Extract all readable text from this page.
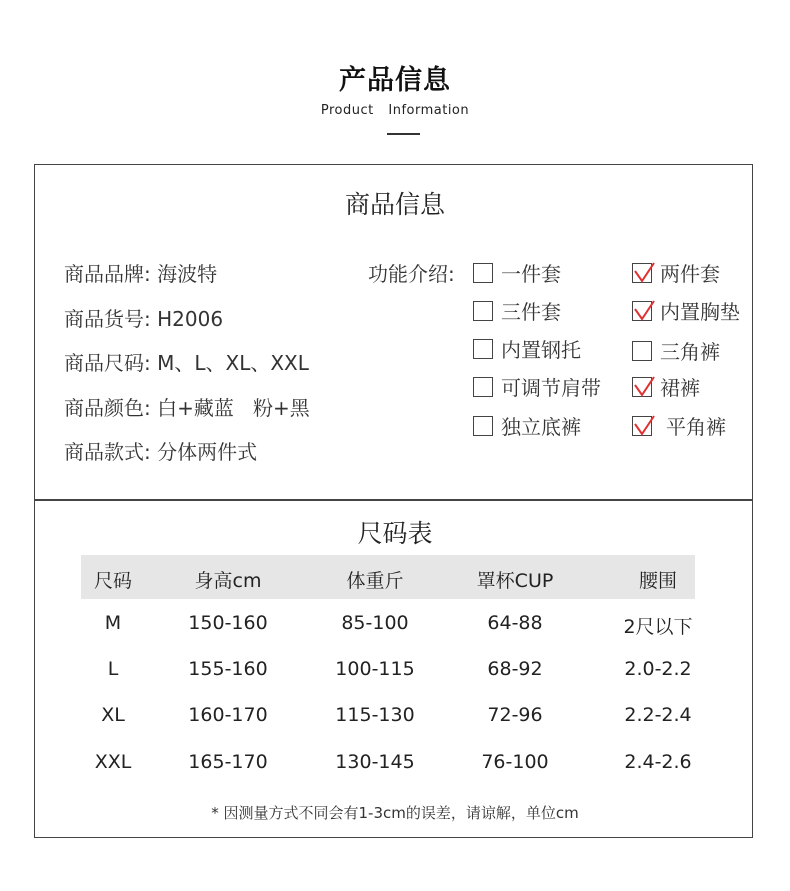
产品信息
Product Information
商品信息
商品品牌: 海波特
商品货号: H2006
商品尺码: M、L、XL、XXL
商品颜色: 白+藏蓝   粉+黑
商品款式: 分体两件式
功能介绍: 一件套	两件套
三件套	内置胸垫
内置钢托	三角裤
可调节肩带	裙裤
独立底裤	平角裤
尺码表
尺码	身高cm	体重斤	罩杯CUP	腰围
M	150-160	85-100	64-88	2尺以下
L	155-160	100-115	68-92	2.0-2.2
XL	160-170	115-130	72-96	2.2-2.4
XXL	165-170	130-145	76-100	2.4-2.6
* 因测量方式不同会有1-3cm的误差，请谅解，单位cm
